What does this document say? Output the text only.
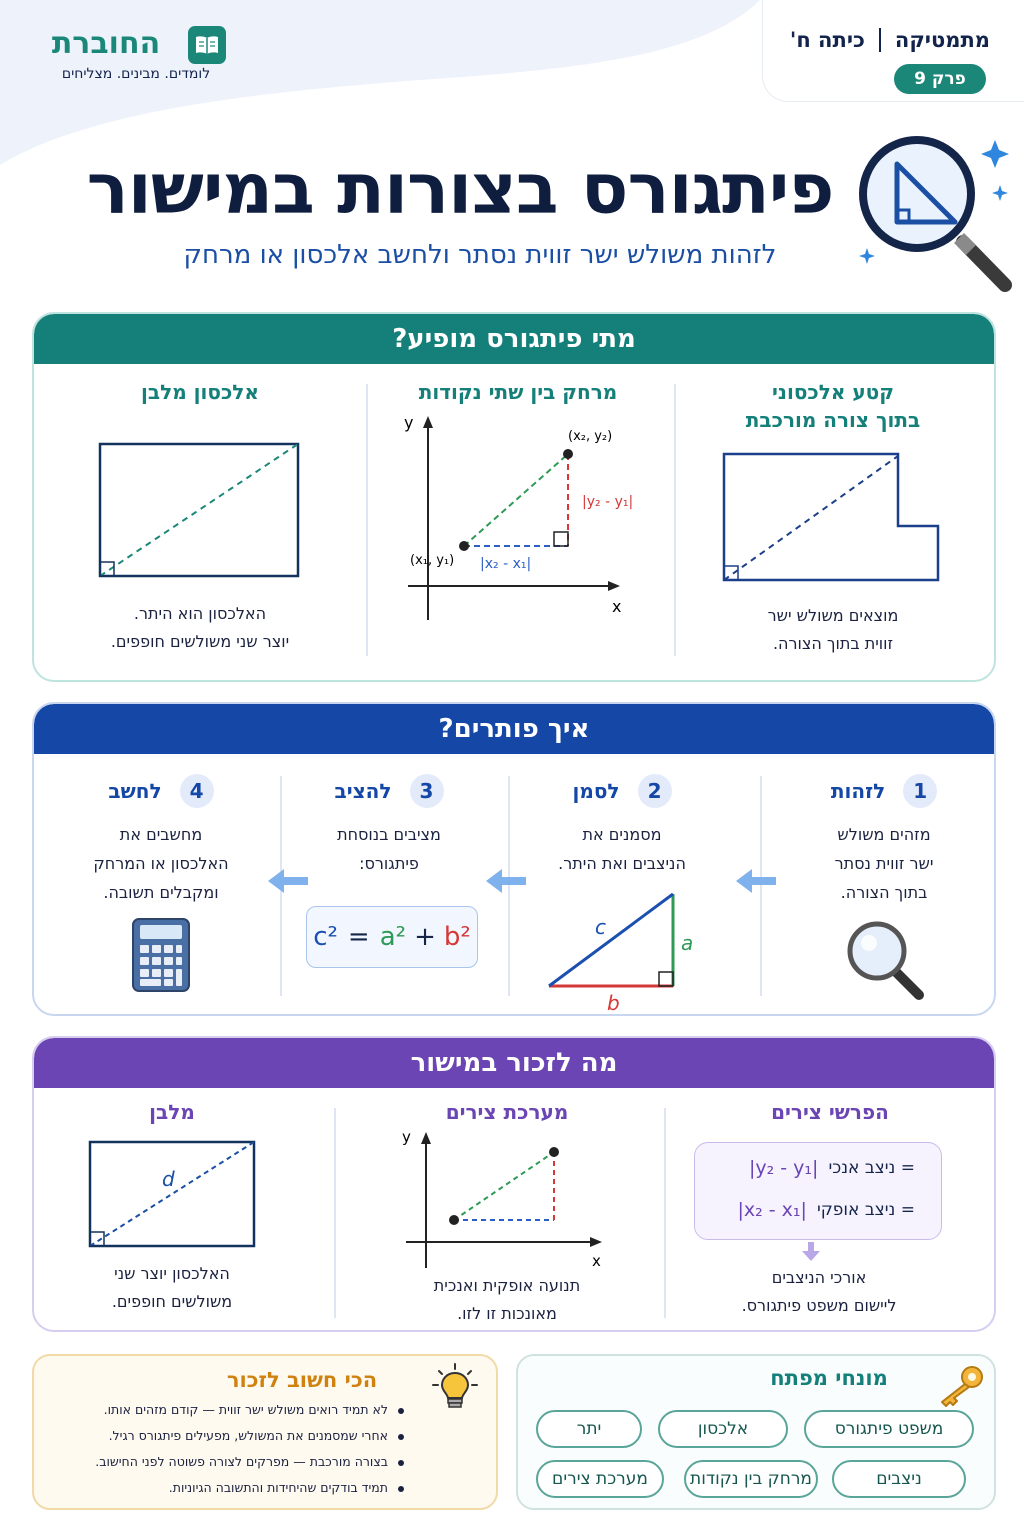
החוברת
לומדים. מבינים. מצליחים
מתמטיקה
כיתה ח'
פרק 9
פיתגורס בצורות במישור
לזהות משולש ישר זווית נסתר ולחשב אלכסון או מרחק
מתי פיתגורס מופיע?
קטע אלכסוני
בתוך צורה מורכבת
מוצאים משולש ישר
זווית בתוך הצורה.
מרחק בין שתי נקודות
y
x
(x₁, y₁)
(x₂, y₂)
|x₂ - x₁|
|y₂ - y₁|
אלכסון מלבן
האלכסון הוא היתר.
יוצר שני משולשים חופפים.
איך פותרים?
1
לזהות
מזהים משולש
ישר זווית נסתר
בתוך הצורה.
2
לסמן
מסמנים את
הניצבים ואת היתר.
c
a
b
3
להציב
מציבים בנוסחת
פיתגורס:
c² = a² + b²
4
לחשב
מחשבים את
האלכסון או המרחק
ומקבלים תשובה.
מה לזכור במישור
הפרשי צירים
|y₂ - y₁| = ניצב אנכי
|x₂ - x₁| = ניצב אופקי
אורכי הניצבים
ליישום משפט פיתגורס.
מערכת צירים
y
x
תנועה אופקית ואנכית
מאונכות זו לזו.
מלבן
d
האלכסון יוצר שני
משולשים חופפים.
מונחי מפתח
משפט פיתגורס
אלכסון
יתר
ניצבים
מרחק בין נקודות
מערכת צירים
הכי חשוב לזכור
לא תמיד רואים משולש ישר זווית — קודם מזהים אותו.
אחרי שמסמנים את המשולש, מפעילים פיתגורס רגיל.
בצורה מורכבת — מפרקים לצורה פשוטה לפני החישוב.
תמיד בודקים שהיחידות והתשובה הגיוניות.
